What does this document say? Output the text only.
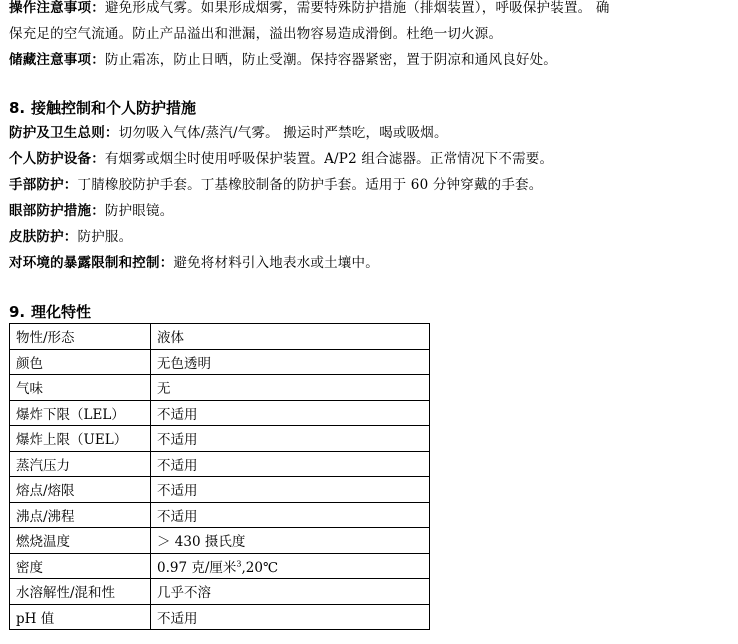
操作注意事项：避免形成气雾。如果形成烟雾，需要特殊防护措施（排烟装置），呼吸保护装置。 确
保充足的空气流通。防止产品溢出和泄漏，溢出物容易造成滑倒。杜绝一切火源。
储藏注意事项：防止霜冻，防止日晒，防止受潮。保持容器紧密，置于阴凉和通风良好处。
8. 接触控制和个人防护措施
防护及卫生总则：切勿吸入气体/蒸汽/气雾。 搬运时严禁吃，喝或吸烟。
个人防护设备：有烟雾或烟尘时使用呼吸保护装置。A/P2 组合滤器。正常情况下不需要。
手部防护：丁腈橡胶防护手套。丁基橡胶制备的防护手套。适用于 60 分钟穿戴的手套。
眼部防护措施：防护眼镜。
皮肤防护：防护服。
对环境的暴露限制和控制：避免将材料引入地表水或土壤中。
9. 理化特性
物性/形态	液体
颜色	无色透明
气味	无
爆炸下限（LEL）	不适用
爆炸上限（UEL）	不适用
蒸汽压力	不适用
熔点/熔限	不适用
沸点/沸程	不适用
燃烧温度	＞ 430 摄氏度
密度	0.97 克/厘米$^3$,20℃
水溶解性/混和性	几乎不溶
pH 值	不适用
